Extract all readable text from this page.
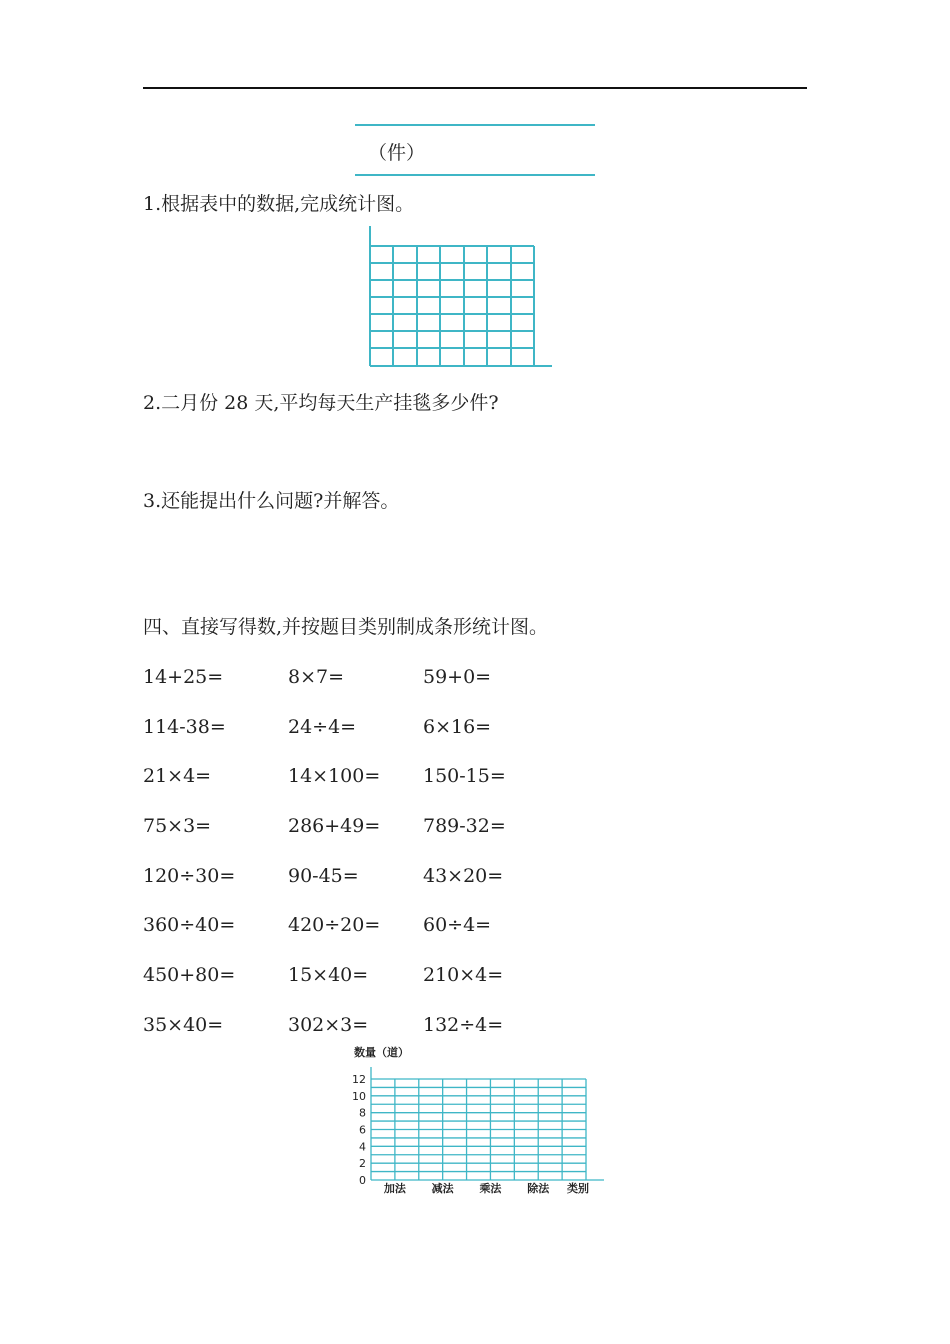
（件）
1.根据表中的数据,完成统计图。
2.二月份 28 天,平均每天生产挂毯多少件?
3.还能提出什么问题?并解答。
四、直接写得数,并按题目类别制成条形统计图。
14+25=	8×7=	59+0=
114-38=	24÷4=	6×16=
21×4=	14×100= 150-15=
75×3=	286+49= 789-32=
120÷30=	90-45=	43×20=
360÷40=	420÷20= 60÷4=
450+80=	15×40=	210×4=
35×40=	302×3=	132÷4=
数量（道）
0
2
4
6
8
10
12
加法 减法 乘法 除法 类别
